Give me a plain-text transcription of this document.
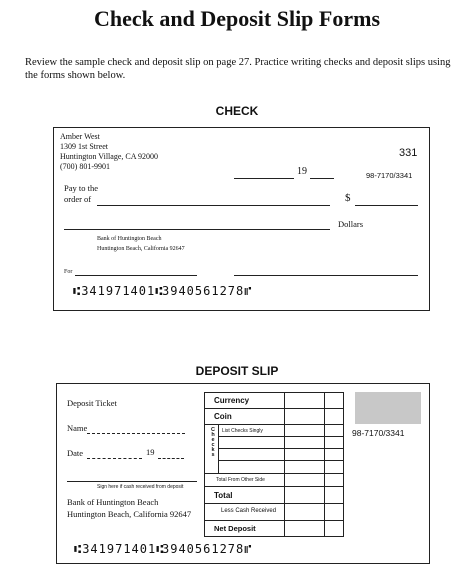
Check and Deposit Slip Forms
Review the sample check and deposit slip on page 27. Practice writing checks and deposit slips using the forms shown below.
CHECK
Amber West
1309 1st Street
Huntington Village, CA 92000
(700) 801-9901
331
19	98-7170/3341
Pay to the
order of	$
Dollars
Bank of Huntington Beach
Huntington Beach, California 92647
For
⑆341971401⑆
3940561278⑈
DEPOSIT SLIP
Deposit Ticket
Name
Date	19
Sign here if cash received from deposit
Bank of Huntington Beach
Huntington Beach, California 92647
Currency
Coin
Checks List Checks Singly
Total From Other Side
Total
Less Cash Received
Net Deposit
98-7170/3341
⑆341971401⑆
3940561278⑈
